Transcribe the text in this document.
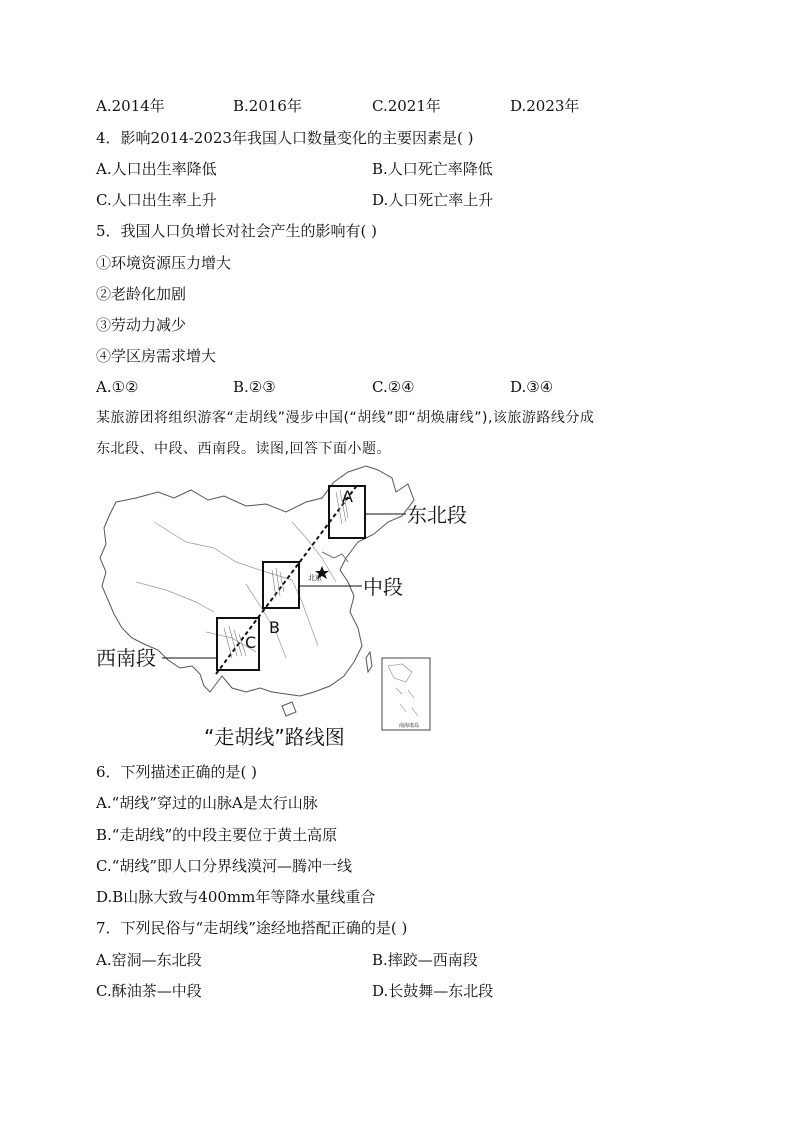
A.2014年	B.2016年	C.2021年	D.2023年
4．影响2014-2023年我国人口数量变化的主要因素是( )
A.人口出生率降低	B.人口死亡率降低
C.人口出生率上升	D.人口死亡率上升
5．我国人口负增长对社会产生的影响有( )
①环境资源压力增大
②老龄化加剧
③劳动力减少
④学区房需求增大
A.①②	B.②③	C.②④	D.③④
某旅游团将组织游客“走胡线”漫步中国(“胡线”即“胡焕庸线”),该旅游路线分成
东北段、中段、西南段。读图,回答下面小题。
北京
A
B
C
东北段
中段
西南段
南海诸岛
“走胡线”路线图
6．下列描述正确的是( )
A.“胡线”穿过的山脉A是太行山脉
B.“走胡线”的中段主要位于黄土高原
C.“胡线”即人口分界线漠河—腾冲一线
D.B山脉大致与400mm年等降水量线重合
7．下列民俗与“走胡线”途经地搭配正确的是( )
A.窑洞—东北段	B.摔跤—西南段
C.酥油茶—中段	D.长鼓舞—东北段
